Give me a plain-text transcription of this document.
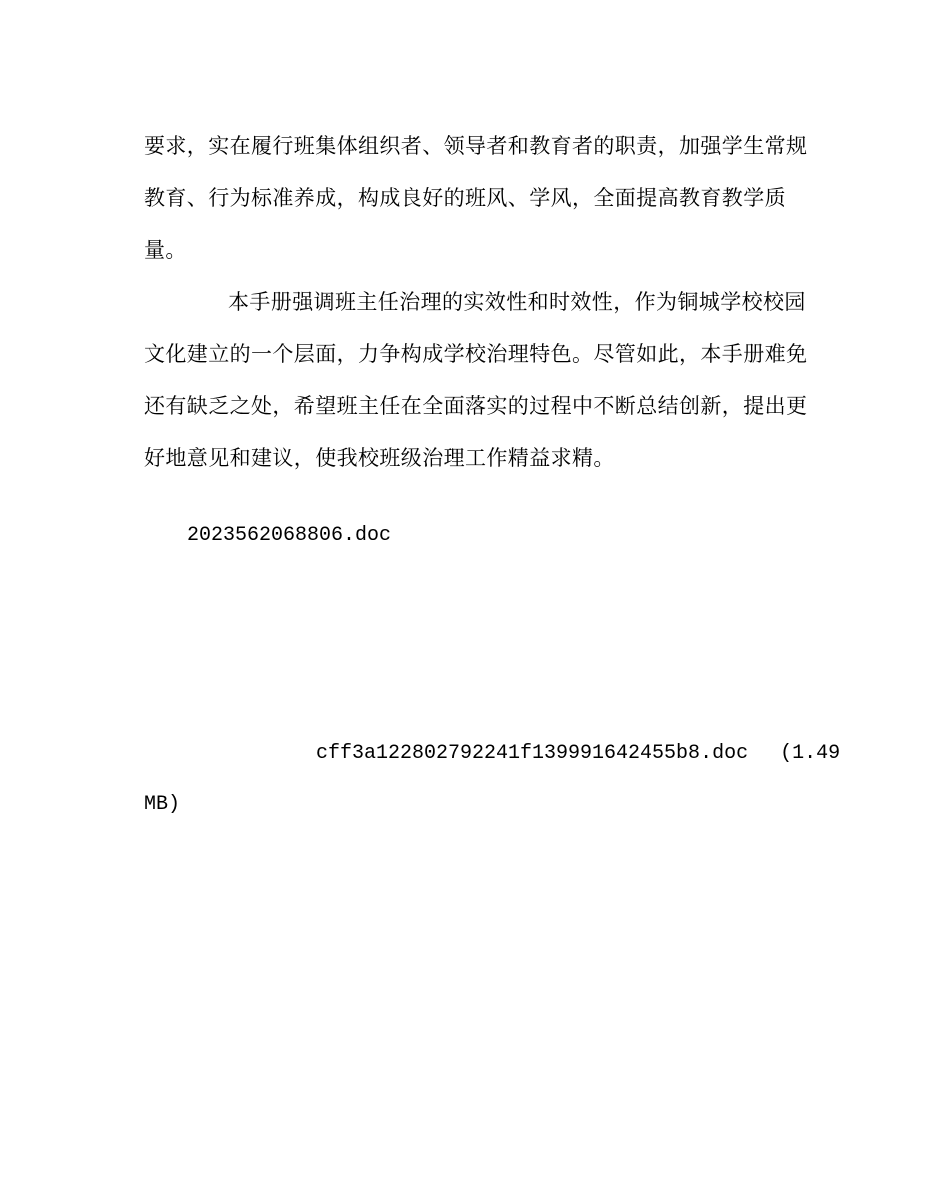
要求，实在履行班集体组织者、领导者和教育者的职责，加强学生常规教育、行为标准养成，构成良好的班风、学风，全面提高教育教学质量。

本手册强调班主任治理的实效性和时效性，作为铜城学校校园文化建立的一个层面，力争构成学校治理特色。尽管如此，本手册难免还有缺乏之处，希望班主任在全面落实的过程中不断总结创新，提出更好地意见和建议，使我校班级治理工作精益求精。

2023562068806.doc
cff3a122802792241f139991642455b8.doc (1.49
MB)
